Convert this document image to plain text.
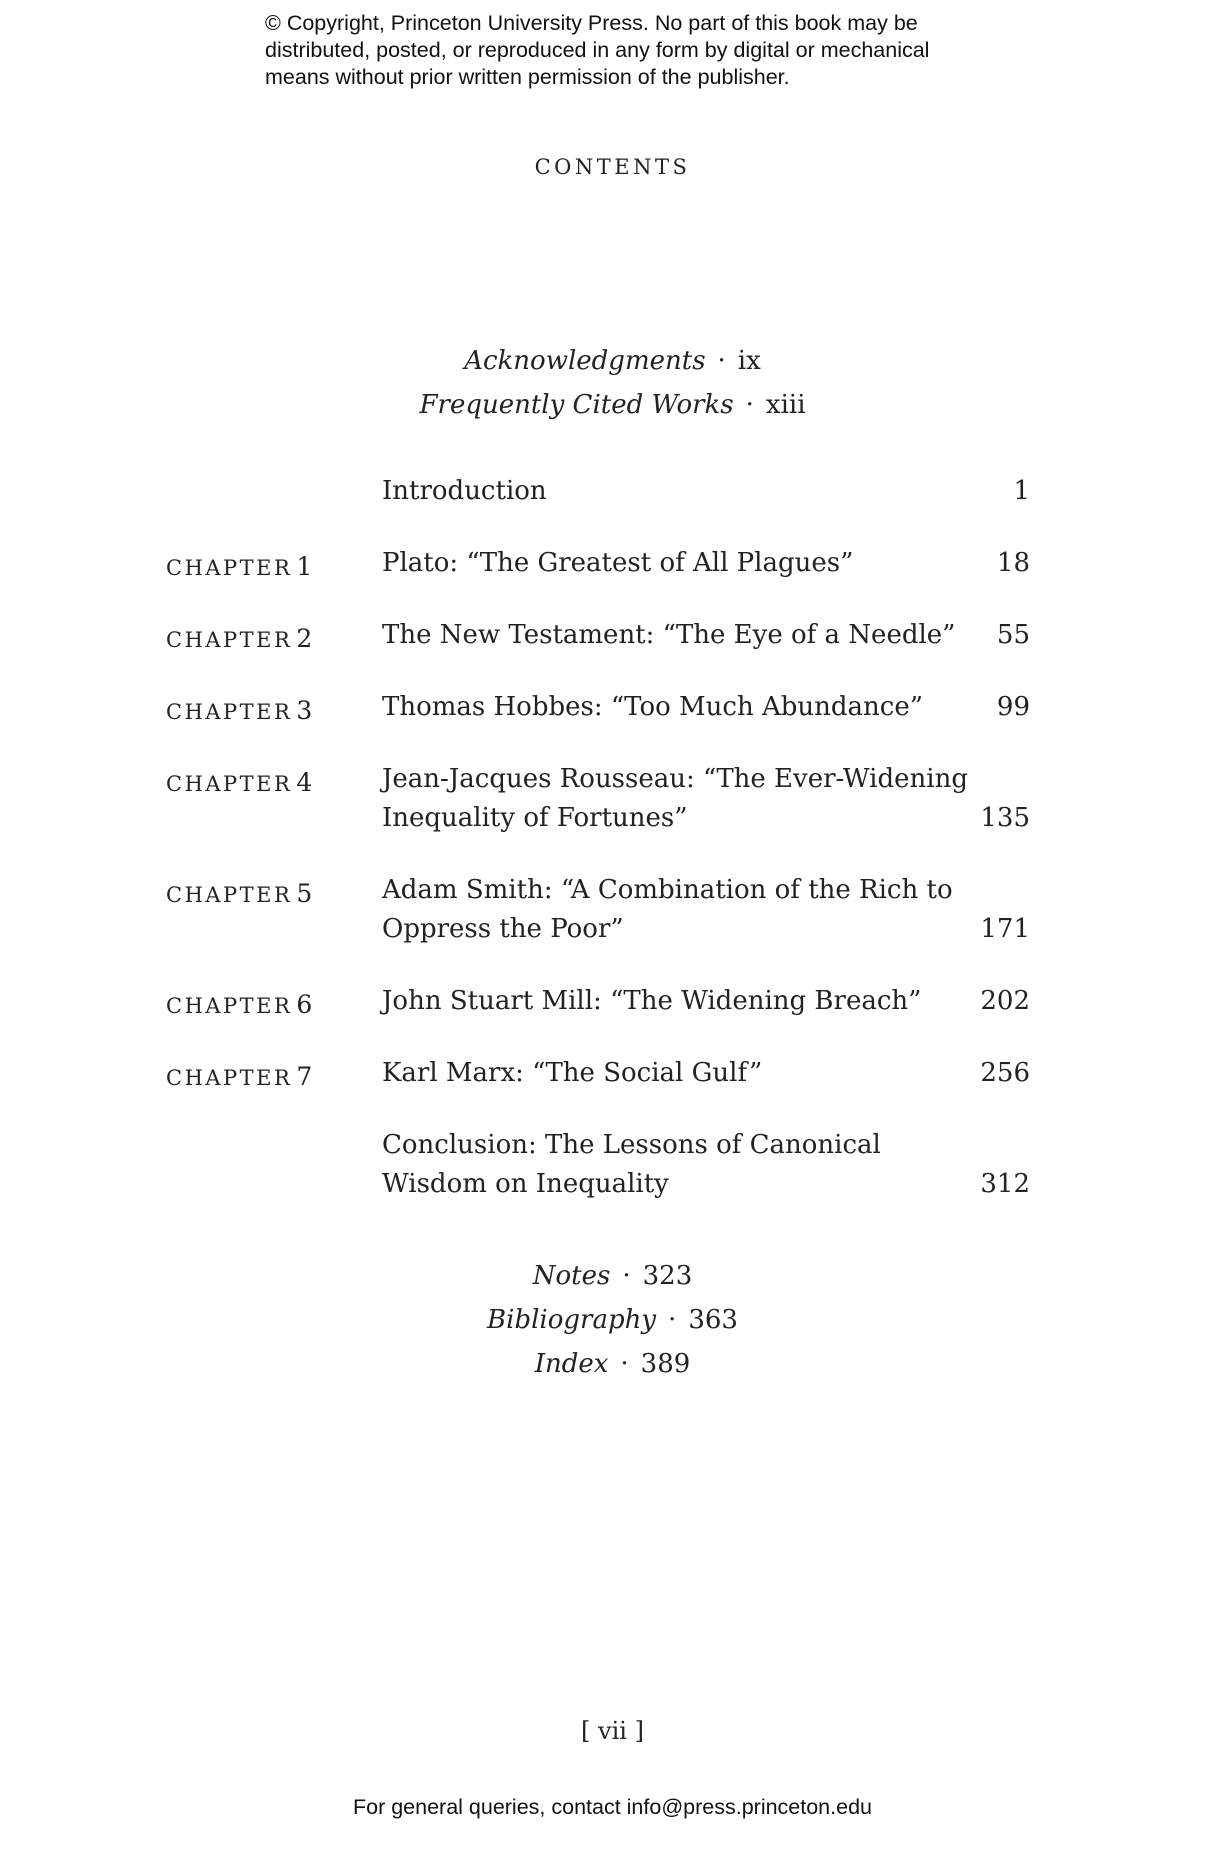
© Copyright, Princeton University Press. No part of this book may be
distributed, posted, or reproduced in any form by digital or mechanical
means without prior written permission of the publisher.
CONTENTS
Acknowledgments · ix
Frequently Cited Works · xiii
Introduction	1
CHAPTER 1	Plato: “The Greatest of All Plagues”	18
CHAPTER 2	The New Testament: “The Eye of a Needle” 55
CHAPTER 3	Thomas Hobbes: “Too Much Abundance”	99
CHAPTER 4	Jean-Jacques Rousseau: “The Ever-Widening
Inequality of Fortunes”	135
CHAPTER 5	Adam Smith: “A Combination of the Rich to
Oppress the Poor”	171
CHAPTER 6	John Stuart Mill: “The Widening Breach”	202
CHAPTER 7	Karl Marx: “The Social Gulf”	256
Conclusion: The Lessons of Canonical
Wisdom on Inequality	312
Notes · 323
Bibliography · 363
Index · 389
[ vii ]
For general queries, contact info@press.princeton.edu
